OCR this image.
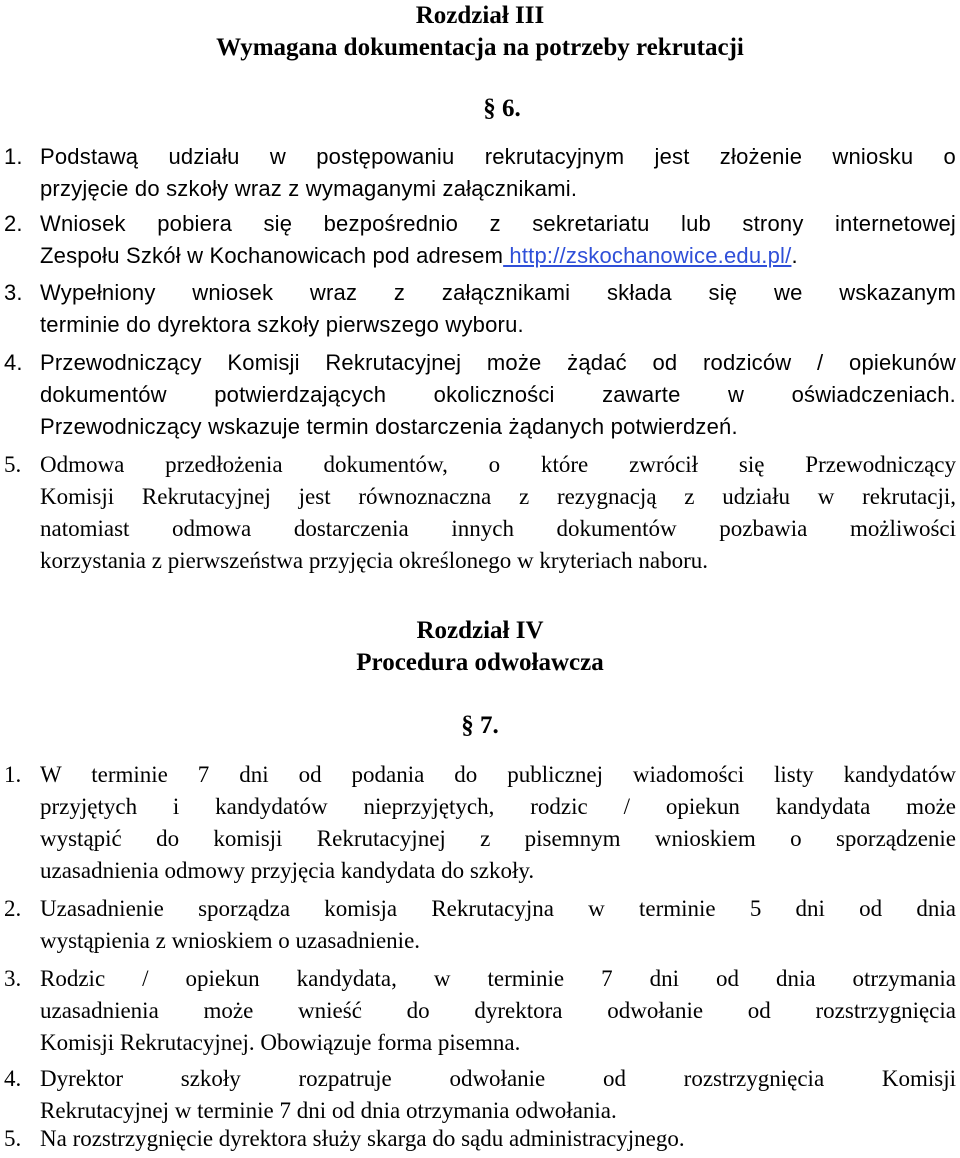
Rozdział III
Wymagana dokumentacja na potrzeby rekrutacji
§ 6.
1. Podstawą udziału w postępowaniu rekrutacyjnym jest złożenie wniosku o
przyjęcie do szkoły wraz z wymaganymi załącznikami.
2. Wniosek pobiera się bezpośrednio z sekretariatu lub strony internetowej
Zespołu Szkół w Kochanowicach pod adresem http://zskochanowice.edu.pl/.
3. Wypełniony wniosek wraz z załącznikami składa się we wskazanym
terminie do dyrektora szkoły pierwszego wyboru.
4. Przewodniczący Komisji Rekrutacyjnej może żądać od rodziców / opiekunów
dokumentów potwierdzających okoliczności zawarte w oświadczeniach.
Przewodniczący wskazuje termin dostarczenia żądanych potwierdzeń.
5. Odmowa przedłożenia dokumentów, o które zwrócił się Przewodniczący
Komisji Rekrutacyjnej jest równoznaczna z rezygnacją z udziału w rekrutacji,
natomiast odmowa dostarczenia innych dokumentów pozbawia możliwości
korzystania z pierwszeństwa przyjęcia określonego w kryteriach naboru.
Rozdział IV
Procedura odwoławcza
§ 7.
1. W terminie 7 dni od podania do publicznej wiadomości listy kandydatów
przyjętych i kandydatów nieprzyjętych, rodzic / opiekun kandydata może
wystąpić do komisji Rekrutacyjnej z pisemnym wnioskiem o sporządzenie
uzasadnienia odmowy przyjęcia kandydata do szkoły.
2. Uzasadnienie sporządza komisja Rekrutacyjna w terminie 5 dni od dnia
wystąpienia z wnioskiem o uzasadnienie.
3. Rodzic / opiekun kandydata, w terminie 7 dni od dnia otrzymania
uzasadnienia może wnieść do dyrektora odwołanie od rozstrzygnięcia
Komisji Rekrutacyjnej. Obowiązuje forma pisemna.
4. Dyrektor szkoły rozpatruje odwołanie od rozstrzygnięcia Komisji
Rekrutacyjnej w terminie 7 dni od dnia otrzymania odwołania.
5. Na rozstrzygnięcie dyrektora służy skarga do sądu administracyjnego.
